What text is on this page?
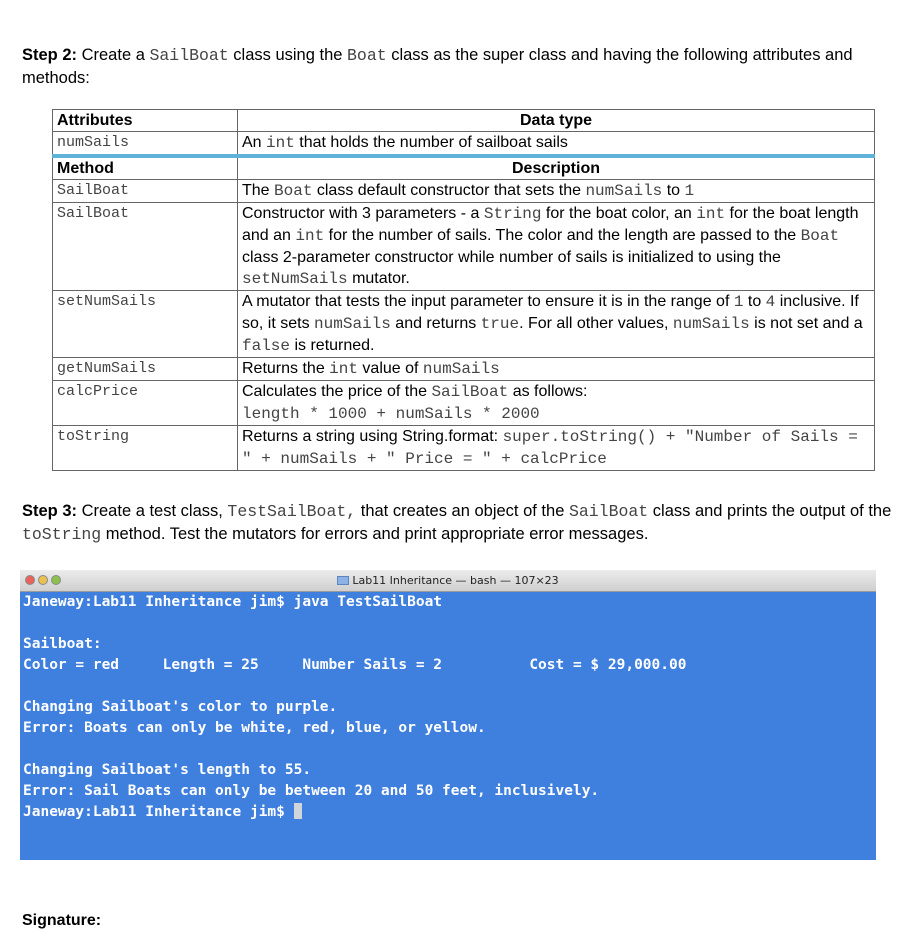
Step 2: Create a SailBoat class using the Boat class as the super class and having the following attributes and methods:
Attributes	Data type
numSails	An int that holds the number of sailboat sails
Method	Description
SailBoat	The Boat class default constructor that sets the numSails to 1
SailBoat	Constructor with 3 parameters - a String for the boat color, an int for the boat length and an int for the number of sails. The color and the length are passed to the Boat class 2-parameter constructor while number of sails is initialized to using the setNumSails mutator.
setNumSails	A mutator that tests the input parameter to ensure it is in the range of 1 to 4 inclusive. If so, it sets numSails and returns true. For all other values, numSails is not set and a false is returned.
getNumSails	Returns the int value of numSails
calcPrice	Calculates the price of the SailBoat as follows:
length * 1000 + numSails * 2000
toString	Returns a string using String.format: super.toString() + "Number of Sails = " + numSails + " Price = " + calcPrice
Step 3: Create a test class, TestSailBoat, that creates an object of the SailBoat class and prints the output of the toString method. Test the mutators for errors and print appropriate error messages.
Lab11 Inheritance — bash — 107×23
Janeway:Lab11 Inheritance jim$ java TestSailBoat

Sailboat:
Color = red     Length = 25     Number Sails = 2          Cost = $ 29,000.00

Changing Sailboat's color to purple.
Error: Boats can only be white, red, blue, or yellow.

Changing Sailboat's length to 55.
Error: Sail Boats can only be between 20 and 50 feet, inclusively.
Janeway:Lab11 Inheritance jim$
Signature:
